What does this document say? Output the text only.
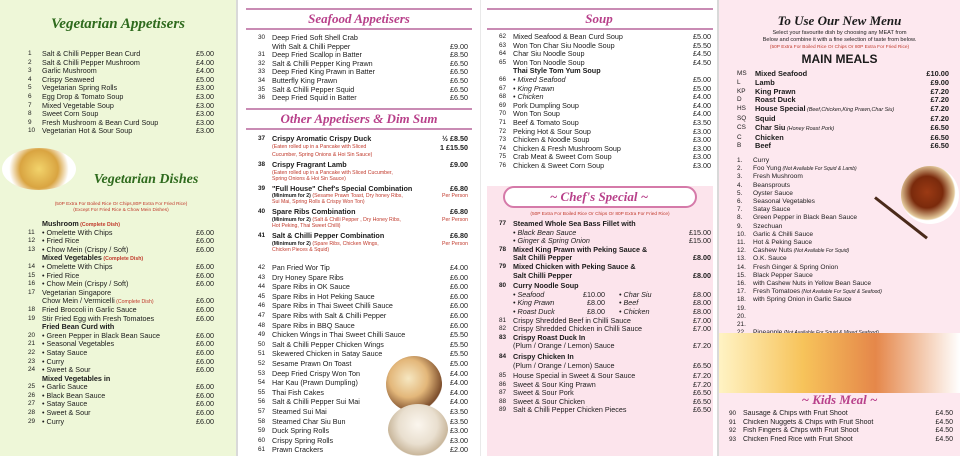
Vegetarian Appetisers
1	Salt & Chilli Pepper Bean Curd	£5.00
2	Salt & Chilli Pepper Mushroom	£4.00
3	Garlic Mushroom	£4.00
4	Crispy Seaweed	£5.00
5	Vegetarian Spring Rolls	£3.00
6	Egg Drop & Tomato Soup	£3.00
7	Mixed Vegetable Soup	£3.00
8	Sweet Corn Soup	£3.00
9	Fresh Mushroom & Bean Curd Soup	£3.00
10 Vegetarian Hot & Sour Soup	£3.00
Vegetarian Dishes
(50P Extra For Boiled Rice Or Chips,80P Extra For Fried Rice)
(Except For Fried Rice & Chow Mein Dishes)
Mushroom (Complete Dish)
11	• Omelette With Chips	£6.00
12 • Fried Rice	£6.00
13 • Chow Mein (Crispy / Soft)	£6.00
Mixed Vegetables (Complete Dish)
14 • Omelette With Chips	£6.00
15 • Fried Rice	£6.00
16 • Chow Mein (Crispy / Soft)	£6.00
17 Vegetarian Singapore
Chow Mein / Vermicelli (Complete Dish)	£6.00
18 Fried Broccoli in Garlic Sauce	£6.00
19 Stir Fried Egg with Fresh Tomatoes	£6.00
Fried Bean Curd with
20 • Green Pepper in Black Bean Sauce	£6.00
21 • Seasonal Vegetables	£6.00
22 • Satay Sauce	£6.00
23 • Curry	£6.00
24 • Sweet & Sour	£6.00
Mixed Vegetables in
25 • Garlic Sauce	£6.00
26 • Black Bean Sauce	£6.00
27 • Satay Sauce	£6.00
28 • Sweet & Sour	£6.00
29 • Curry	£6.00
Seafood Appetisers
30 Deep Fried Soft Shell Crab
With Salt & Chilli Pepper	£9.00
31 Deep Fried Scallop in Batter	£8.50
32 Salt & Chilli Pepper King Prawn	£6.50
33 Deep Fried King Prawn in Batter	£6.50
34 Butterfly King Prawn	£6.50
35 Salt & Chilli Pepper Squid	£6.50
36 Deep Fried Squid in Batter	£6.50
Other Appetisers & Dim Sum
37 Crispy Aromatic Crispy Duck	½ £8.50
(Eaten rolled up in a Pancake with Sliced	1 £15.50
Cucumber, Spring Onions & Hoi Sin Sauce)
38 Crispy Fragrant Lamb	£9.00
(Eaten rolled up in a Pancake with Sliced Cucumber,
Spring Onions & Hoi Sin Sauce)
39 "Full House" Chef's Special Combination	£6.80
(Minimum for 2) (Sesame Prawn Toast, Dry honey Ribs,	Per Person
Sui Mai, Spring Rolls & Crispy Won Ton)
40 Spare Ribs Combination	£6.80
(Minimum for 2) (Salt & Chilli Pepper , Dry Honey Ribs,	Per Person
Hot Peking, Thai Sweet Chilli)
41 Salt & Chilli Pepper Combination	£6.80
(Minimum for 2) (Spare Ribs, Chicken Wings,	Per Person
Chicken Pieces & Squid)
42 Pan Fried Wor Tip	£4.00
43 Dry Honey Spare Ribs	£6.00
44 Spare Ribs in OK Sauce	£6.00
45 Spare Ribs in Hot Peking Sauce	£6.00
46 Spare Ribs in Thai Sweet Chilli Sauce	£6.00
47 Spare Ribs with Salt & Chilli Pepper	£6.00
48 Spare Ribs in BBQ Sauce	£6.00
49 Chicken Wings in Thai Sweet Chilli Sauce	£5.50
50 Salt & Chilli Pepper Chicken Wings	£5.50
51 Skewered Chicken in Satay Sauce	£5.50
52 Sesame Prawn On Toast	£5.00
53 Deep Fried Crispy Won Ton	£4.00
54 Har Kau (Prawn Dumpling)	£4.00
55 Thai Fish Cakes	£4.00
56 Salt & Chilli Pepper Sui Mai	£4.00
57 Steamed Sui Mai	£3.50
58 Steamed Char Siu Bun	£3.50
59 Duck Spring Rolls	£3.00
60 Crispy Spring Rolls	£3.00
61 Prawn Crackers	£2.00
Soup
62 Mixed Seafood & Bean Curd Soup	£5.00
63 Won Ton Char Siu Noodle Soup	£5.50
64 Char Siu Noodle Soup	£4.50
65 Won Ton Noodle Soup	£4.50
Thai Style Tom Yum Soup
66 • Mixed Seafood	£5.00
67 • King Prawn	£5.00
68 • Chicken	£4.00
69 Pork Dumpling Soup	£4.00
70 Won Ton Soup	£4.00
71 Beef & Tomato Soup	£3.50
72 Peking Hot & Sour Soup	£3.00
73 Chicken & Noodle Soup	£3.00
74 Chicken & Fresh Mushroom Soup	£3.00
75 Crab Meat & Sweet Corn Soup	£3.00
76 Chicken & Sweet Corn Soup	£3.00
~ Chef's Special ~
(50P Extra For Boiled Rice Or Chips Or 80P Extra For Fried Rice)
77 Steamed Whole Sea Bass Fillet with
• Black Bean Sauce	£15.00
• Ginger & Spring Onion	£15.00
78 Mixed King Prawn with Peking Sauce &
Salt Chilli Pepper	£8.00
79 Mixed Chicken with Peking Sauce &
Salt Chilli Pepper	£8.00
80 Curry Noodle Soup
• Seafood	£10.00
• King Prawn	£8.00
• Roast Duck	£8.00
• Char Siu	£8.00
• Beef	£8.00
• Chicken	£8.00
81 Crispy Shredded Beef in Chilli Sauce	£7.00
82 Crispy Shredded Chicken in Chilli Sauce	£7.00
83 Crispy Roast Duck In
(Plum / Orange / Lemon) Sauce	£7.20
84 Crispy Chicken In
(Plum / Orange / Lemon) Sauce	£6.50
85 House Special in Sweet & Sour Sauce	£7.20
86 Sweet & Sour King Prawn	£7.20
87 Sweet & Sour Pork	£6.50
88 Sweet & Sour Chicken	£6.50
89 Salt & Chilli Pepper Chicken Pieces	£6.50
To Use Our New Menu
Select your favourite dish by choosing any MEAT from
Below and combine it with a fine selection of taste from below.
(50P Extra For Boiled Rice Or Chips Or 80P Extra For Fried Rice)
MAIN MEALS
MS	Mixed Seafood	£10.00
L	Lamb	£9.00
KP	King Prawn	£7.20
D	Roast Duck	£7.20
HS	House Special (Beef,Chicken,King Prawn,Char Siu)	£7.20
SQ	Squid	£7.20
CS	Char Siu (Honey Roast Pork)	£6.50
C	Chicken	£6.50
B	Beef	£6.50
1.	Curry
2.	Foo Yung (Not Available For Squid & Lamb)
3.	Fresh Mushroom
4.	Beansprouts
5.	Oyster Sauce
6.	Seasonal Vegetables
7.	Satay Sauce
8.	Green Pepper in Black Bean Sauce
9.	Szechuan
10.	Garlic & Chilli Sauce
11.	Hot & Peking Sauce
12.	Cashew Nuts (Not Available For Squid)
13.	O.K. Sauce
14.	Fresh Ginger & Spring Onion
15.	Black Pepper Sauce
16.	with Cashew Nuts in Yellow Bean Sauce
17.	Fresh Tomatoes (Not Available For Squid & Seafood)
18.	with Spring Onion in Garlic Sauce
19.
20.
21.
~ Kids Meal ~
90 Sausage & Chips with Fruit Shoot	£4.50
91 Chicken Nuggets & Chips with Fruit Shoot	£4.50
92 Fish Fingers & Chips with Fruit Shoot	£4.50
93 Chicken Fried Rice with Fruit Shoot	£4.50
